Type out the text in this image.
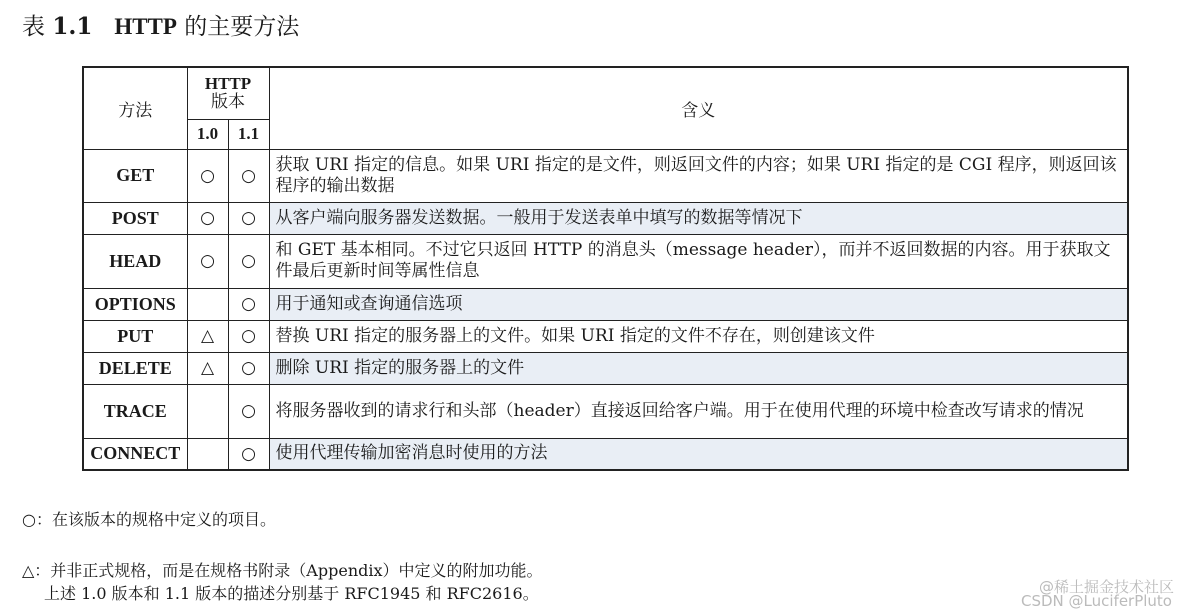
表 1.1 HTTP 的主要方法
方法	HTTP
版本		含义
	1.0	1.1	
GET	○	○	获取 URI 指定的信息。如果 URI 指定的是文件，则返回文件的内容；如果 URI 指定的是 CGI 程序，则返回该程序的输出数据
POST	○	○	从客户端向服务器发送数据。一般用于发送表单中填写的数据等情况下
HEAD	○	○	和 GET 基本相同。不过它只返回 HTTP 的消息头（message header），而并不返回数据的内容。用于获取文件最后更新时间等属性信息
OPTIONS		○	用于通知或查询通信选项
PUT	△	○	替换 URI 指定的服务器上的文件。如果 URI 指定的文件不存在，则创建该文件
DELETE	△	○	删除 URI 指定的服务器上的文件
TRACE		○	将服务器收到的请求行和头部（header）直接返回给客户端。用于在使用代理的环境中检查改写请求的情况
CONNECT		○	使用代理传输加密消息时使用的方法
○：在该版本的规格中定义的项目。
△：并非正式规格，而是在规格书附录（Appendix）中定义的附加功能。
上述 1.0 版本和 1.1 版本的描述分别基于 RFC1945 和 RFC2616。	@稀土掘金技术社区
CSDN @LuciferPluto
